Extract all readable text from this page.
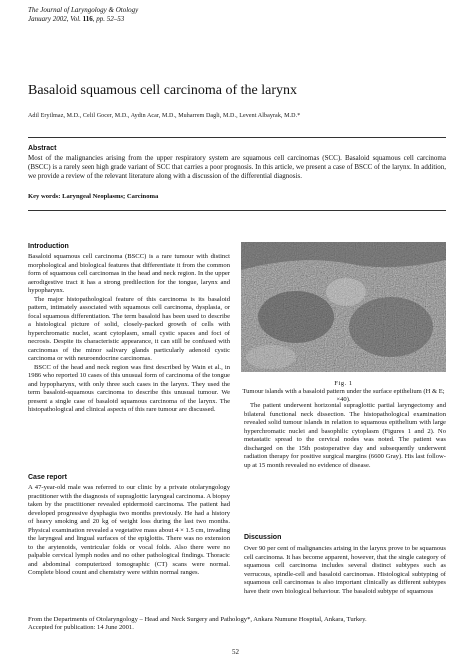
The Journal of Laryngology & Otology
January 2002, Vol. 116, pp. 52–53
Basaloid squamous cell carcinoma of the larynx
Adil Eryilmaz, M.D., Celil Gocer, M.D., Aydin Acar, M.D., Muharrem Dagli, M.D., Levent Albayrak, M.D.*
Abstract
Most of the malignancies arising from the upper respiratory system are squamous cell carcinomas (SCC). Basaloid squamous cell carcinoma (BSCC) is a rarely seen high grade variant of SCC that carries a poor prognosis. In this article, we present a case of BSCC of the larynx. In addition, we provide a review of the relevant literature along with a discussion of the differential diagnosis.
Key words: Laryngeal Neoplasms; Carcinoma
Introduction

Basaloid squamous cell carcinoma (BSCC) is a rare tumour with distinct morphological and biological features that differentiate it from the common form of squamous cell carcinomas in the head and neck region. In the upper aerodigestive tract it has a strong predilection for the tongue, larynx and hypopharynx.

The major histopathological feature of this carcinoma is its basaloid pattern, intimately associated with squamous cell carcinoma, dysplasia, or focal squamous differentiation. The term basaloid has been used to describe a histological picture of solid, closely-packed growth of cells with hyperchromatic nuclei, scant cytoplasm, small cystic spaces and foci of necrosis. Despite its characteristic appearance, it can still be confused with carcinomas of the minor salivary glands particularly adenoid cystic carcinoma or with neuroendocrine carcinomas.

BSCC of the head and neck region was first described by Wain et al., in 1986 who reported 10 cases of this unusual form of carcinoma of the tongue and hypopharynx, with only three such cases in the larynx. They used the term basaloid-squamous carcinoma to describe this unusual tumour. We present a single case of basaloid squamous carcinoma of the larynx. The histopathological and clinical aspects of this rare tumour are discussed.

Case report

A 47-year-old male was referred to our clinic by a private otolaryngology practitioner with the diagnosis of supraglottic laryngeal carcinoma. A biopsy taken by the practitioner revealed epidermoid carcinoma. The patient had developed progressive dysphagia two months previously. He had a history of heavy smoking and 20 kg of weight loss during the last two months. Physical examination revealed a vegetative mass about 4 × 1.5 cm, invading the laryngeal and lingual surfaces of the epiglottis. There was no extension to the arytenoids, ventricular folds or vocal folds. Also there were no palpable cervical lymph nodes and no other pathological findings. Thoracic and abdominal computerized tomographic (CT) scans were normal. Complete blood count and chemistry were within normal ranges.

Fig. 1
Tumour islands with a basaloid pattern under the surface epithelium (H & E; ×40).

The patient underwent horizontal supraglottic partial laryngectomy and bilateral functional neck dissection. The histopathological examination revealed solid tumour islands in relation to squamous epithelium with large hyperchromatic nuclei and basophilic cytoplasm (Figures 1 and 2). No metastatic spread to the cervical nodes was noted. The patient was discharged on the 15th postoperative day and subsequently underwent radiation therapy for positive surgical margins (6600 Gray). His last follow-up at 15 month revealed no evidence of disease.

Discussion

Over 90 per cent of malignancies arising in the larynx prove to be squamous cell carcinoma. It has become apparent, however, that the single category of squamous cell carcinoma includes several distinct subtypes such as verrucous, spindle-cell and basaloid carcinomas. Histological subtyping of squamous cell carcinomas is also important clinically as different subtypes have their own biological behaviour. The basaloid subtype of squamous

From the Departments of Otolaryngology – Head and Neck Surgery and Pathology*, Ankara Numune Hospital, Ankara, Turkey.
Accepted for publication: 14 June 2001.
52
